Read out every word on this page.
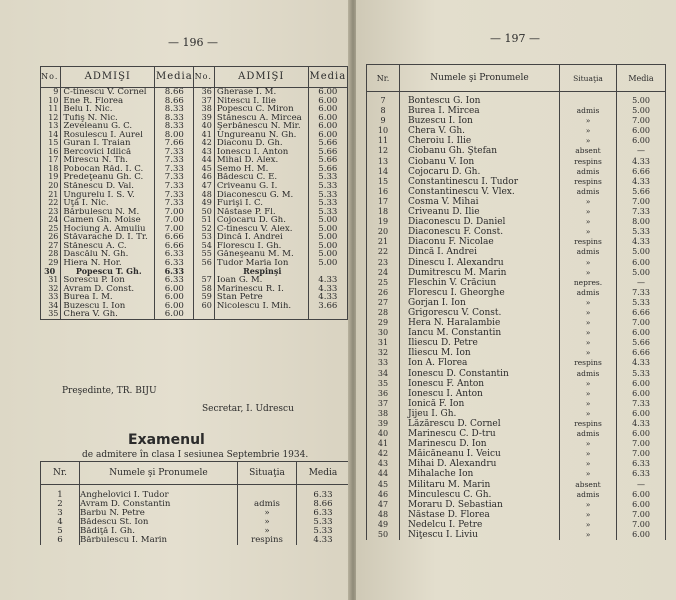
— 196 —
No.	ADMIŞI	Media	No.	ADMIŞI	Media
9	C-tinescu V. Cornel	8.66	36	Gherase I. M.	6.00
10	Ene R. Florea	8.66	37	Nitescu I. Ilie	6.00
11	Belu I. Nic.	8.33	38	Popescu C. Miron	6.00
12	Tufiş N. Nic.	8.33	39	Stănescu A. Mircea	6.00
13	Zeveleanu G. C.	8.33	40	Şerbănescu N. Mir.	6.00
14	Rosulescu I. Aurel	8.00	41	Ungureanu N. Gh.	6.00
15	Guran I. Traian	7.66	42	Diaconu D. Gh.	5.66
16	Bercovici Idlică	7.33	43	Ionescu I. Anton	5.66
17	Mirescu N. Th.	7.33	44	Mihai D. Alex.	5.66
18	Pobocan Răd. I. C.	7.33	45	Semo H. M.	5.66
19	Predeţeanu Gh. C.	7.33	46	Bădescu C. E.	5.33
20	Stănescu D. Val.	7.33	47	Criveanu G. I.	5.33
21	Ungurelu I. S. V.	7.33	48	Diaconescu G. M.	5.33
22	Uţă I. Nic.	7.33	49	Furişi I. C.	5.33
23	Bărbulescu N. M.	7.00	50	Năstase P. Fl.	5.33
24	Camen Gh. Moise	7.00	51	Cojocaru D. Gh.	5.00
25	Hociung A. Amuliu	7.00	52	C-tinescu V. Alex.	5.00
26	Stăvarache D. I. Tr.	6.66	53	Dincă I. Andrei	5.00
27	Stănescu A. C.	6.66	54	Florescu I. Gh.	5.00
28	Dascălu N. Gh.	6.33	55	Găneşeanu M. M.	5.00
29	Hiera N. Hor.	6.33	56	Tudor Maria Ion	5.00
30	Popescu T. Gh.	6.33		Respinşi	
31	Sorescu P. Ion	6.33	57	Ioan G. M.	4.33
32	Avram D. Const.	6.00	58	Marinescu R. I.	4.33
33	Burea I. M.	6.00	59	Stan Petre	4.33
34	Buzescu I. Ion	6.00	60	Nicolescu I. Mih.	3.66
35	Chera V. Gh.	6.00			
Preşedinte, TR. BIJU
Secretar, I. Udrescu
Examenul
de admitere în clasa I sesiunea Septembrie 1934.
Nr.	Numele şi Pronumele	Situaţia	Media
1	Anghelovici I. Tudor		6.33
2	Avram D. Constantin	admis	8.66
3	Barbu N. Petre	»	6.33
4	Bădescu St. Ion	»	5.33
5	Bădiţă I. Gh.	»	5.33
6	Bărbulescu I. Marin	respins	4.33
— 197 —
Nr.	Numele şi Pronumele	Situaţia	Media
7	Bontescu G. Ion		5.00
8	Burea I. Mircea	admis	5.00
9	Buzescu I. Ion	»	7.00
10	Chera V. Gh.	»	6.00
11	Cheroiu I. Ilie	»	6.00
12	Ciobanu Gh. Ştefan	absent	—
13	Ciobanu V. Ion	respins	4.33
14	Cojocaru D. Gh.	admis	6.66
15	Constantinescu I. Tudor	respins	4.33
16	Constantinescu V. Vlex.	admis	5.66
17	Cosma V. Mihai	»	7.00
18	Criveanu D. Ilie	»	7.33
19	Diaconescu D. Daniel	»	8.00
20	Diaconescu F. Const.	»	5.33
21	Diaconu F. Nicolae	respins	4.33
22	Dincă I. Andrei	admis	5.00
23	Dinescu I. Alexandru	»	6.00
24	Dumitrescu M. Marin	»	5.00
25	Fleschin V. Crăciun	nepres.	—
26	Florescu I. Gheorghe	admis	7.33
27	Gorjan I. Ion	»	5.33
28	Grigorescu V. Const.	»	6.66
29	Hera N. Haralambie	»	7.00
30	Iancu M. Constantin	»	6.00
31	Iliescu D. Petre	»	5.66
32	Iliescu M. Ion	»	6.66
33	Ion A. Florea	respins	4.33
34	Ionescu D. Constantin	admis	5.33
35	Ionescu F. Anton	»	6.00
36	Ionescu I. Anton	»	6.00
37	Ionică F. Ion	»	7.33
38	Jijeu I. Gh.	»	6.00
39	Lăzărescu D. Cornel	respins	4.33
40	Marinescu C. D-tru	admis	6.00
41	Marinescu D. Ion	»	7.00
42	Măicăneanu I. Veicu	»	7.00
43	Mihai D. Alexandru	»	6.33
44	Mihalache Ion	»	6.33
45	Militaru M. Marin	absent	—
46	Minculescu C. Gh.	admis	6.00
47	Moraru D. Sebastian	»	6.00
48	Năstase D. Florea	»	7.00
49	Nedelcu I. Petre	»	7.00
50	Niţescu I. Liviu	»	6.00
